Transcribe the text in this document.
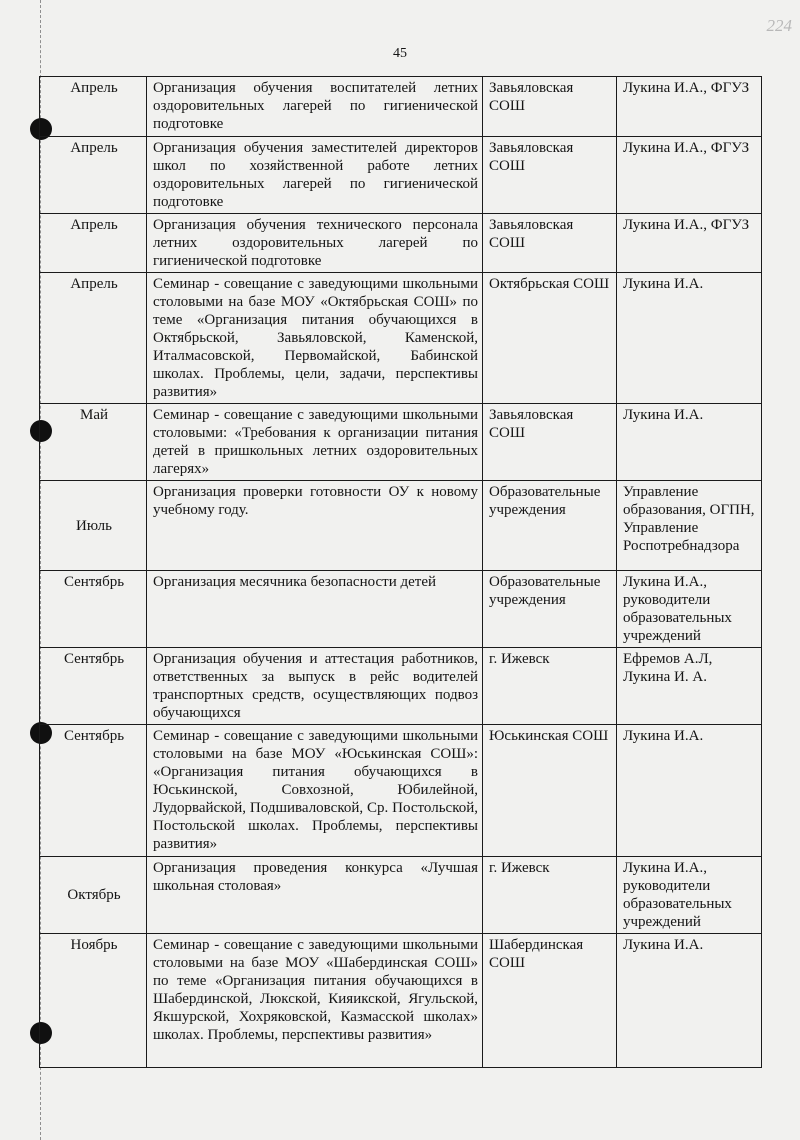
45
224
Апрель	Организация обучения воспитателей летних оздоровительных лагерей по гигиенической подготовке	Завьяловская СОШ	Лукина И.А., ФГУЗ
Апрель	Организация обучения заместителей директоров школ по хозяйственной работе летних оздоровительных лагерей по гигиенической подготовке	Завьяловская СОШ	Лукина И.А., ФГУЗ
Апрель	Организация обучения технического персонала летних оздоровительных лагерей по гигиенической подготовке	Завьяловская СОШ	Лукина И.А., ФГУЗ
Апрель	Семинар - совещание с заведующими школьными столовыми на базе МОУ «Октябрьская СОШ» по теме «Организация питания обучающихся в Октябрьской, Завьяловской, Каменской, Италмасовской, Первомайской, Бабинской школах. Проблемы, цели, задачи, перспективы развития»	Октябрьская СОШ	Лукина И.А.
Май	Семинар - совещание с заведующими школьными столовыми: «Требования к организации питания детей в пришкольных летних оздоровительных лагерях»	Завьяловская СОШ	Лукина И.А.
Июль	Организация проверки готовности ОУ к новому учебному году.	Образовательные учреждения	Управление образования, ОГПН, Управление Роспотребнадзора
Сентябрь	Организация месячника безопасности детей	Образовательные учреждения	Лукина И.А., руководители образовательных учреждений
Сентябрь	Организация обучения и аттестация работников, ответственных за выпуск в рейс водителей транспортных средств, осуществляющих подвоз обучающихся	г. Ижевск	Ефремов А.Л, Лукина И. А.
Сентябрь	Семинар - совещание с заведующими школьными столовыми на базе МОУ «Юськинская СОШ»: «Организация питания обучающихся в Юськинской, Совхозной, Юбилейной, Лудорвайской, Подшиваловской, Ср. Постольской, Постольской школах. Проблемы, перспективы развития»	Юськинская СОШ	Лукина И.А.
Октябрь	Организация проведения конкурса «Лучшая школьная столовая»	г. Ижевск	Лукина И.А., руководители образовательных учреждений
Ноябрь	Семинар - совещание с заведующими школьными столовыми на базе МОУ «Шабердинская СОШ» по теме «Организация питания обучающихся в Шабердинской, Люкской, Кияикской, Ягульской, Якшурской, Хохряковской, Казмасской школах» школах. Проблемы, перспективы развития»	Шабердинская СОШ	Лукина И.А.
